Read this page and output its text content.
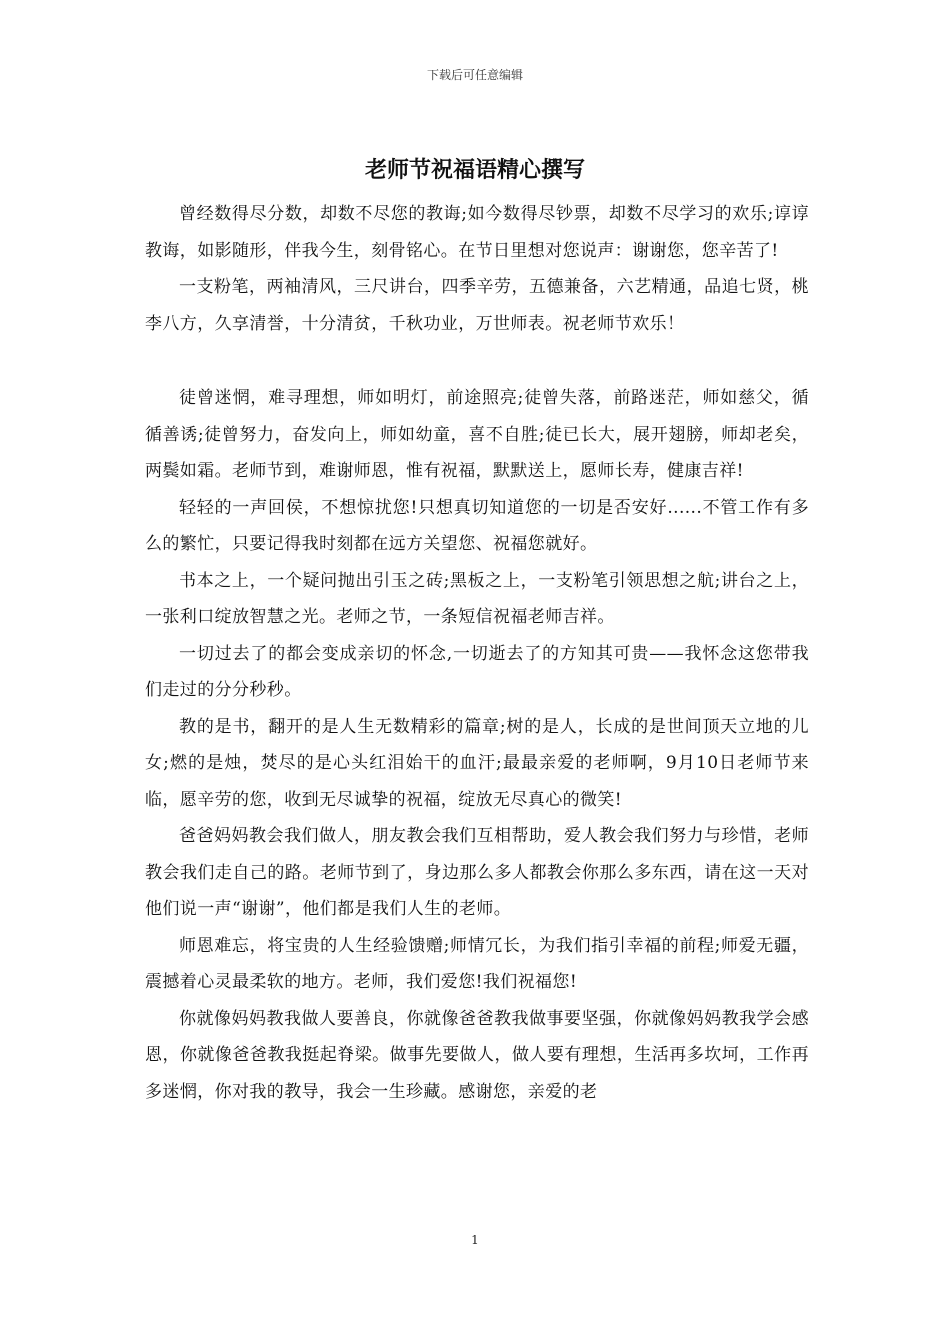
下载后可任意编辑
老师节祝福语精心撰写

曾经数得尽分数，却数不尽您的教诲;如今数得尽钞票，却数不尽学习的欢乐;谆谆教诲，如影随形，伴我今生，刻骨铭心。在节日里想对您说声：谢谢您，您辛苦了!

一支粉笔，两袖清风，三尺讲台，四季辛劳，五德兼备，六艺精通，品追七贤，桃李八方，久享清誉，十分清贫，千秋功业，万世师表。祝老师节欢乐！

徒曾迷惘，难寻理想，师如明灯，前途照亮;徒曾失落，前路迷茫，师如慈父，循循善诱;徒曾努力，奋发向上，师如幼童，喜不自胜;徒已长大，展开翅膀，师却老矣，两鬓如霜。老师节到，难谢师恩，惟有祝福，默默送上，愿师长寿，健康吉祥!

轻轻的一声回侯，不想惊扰您!只想真切知道您的一切是否安好......不管工作有多么的繁忙，只要记得我时刻都在远方关望您、祝福您就好。

书本之上，一个疑问抛出引玉之砖;黑板之上，一支粉笔引领思想之航;讲台之上，一张利口绽放智慧之光。老师之节，一条短信祝福老师吉祥。

一切过去了的都会变成亲切的怀念,一切逝去了的方知其可贵——我怀念这您带我们走过的分分秒秒。

教的是书，翻开的是人生无数精彩的篇章;树的是人，长成的是世间顶天立地的儿女;燃的是烛，焚尽的是心头红泪始干的血汗;最最亲爱的老师啊，9月10日老师节来临，愿辛劳的您，收到无尽诚挚的祝福，绽放无尽真心的微笑!

爸爸妈妈教会我们做人，朋友教会我们互相帮助，爱人教会我们努力与珍惜，老师教会我们走自己的路。老师节到了，身边那么多人都教会你那么多东西，请在这一天对他们说一声“谢谢”，他们都是我们人生的老师。

师恩难忘，将宝贵的人生经验馈赠;师情冗长，为我们指引幸福的前程;师爱无疆，震撼着心灵最柔软的地方。老师，我们爱您!我们祝福您!

你就像妈妈教我做人要善良，你就像爸爸教我做事要坚强，你就像妈妈教我学会感恩，你就像爸爸教我挺起脊梁。做事先要做人，做人要有理想，生活再多坎坷，工作再多迷惘，你对我的教导，我会一生珍藏。感谢您，亲爱的老

1
